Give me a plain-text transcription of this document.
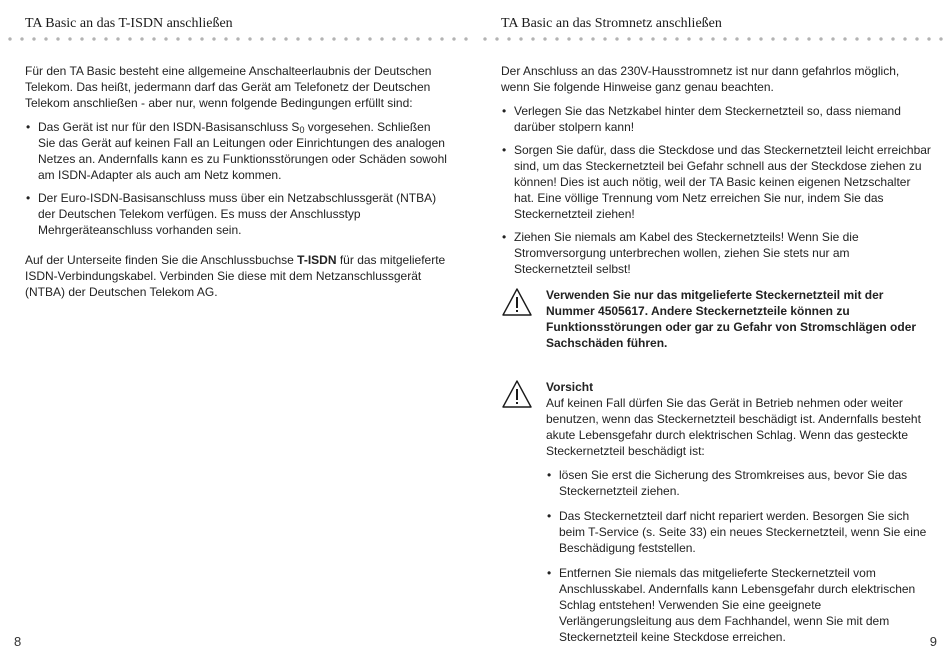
TA Basic an das T-ISDN anschließen

Für den TA Basic besteht eine allgemeine Anschalteerlaubnis der Deutschen Telekom. Das heißt, jedermann darf das Gerät am Telefonetz der Deutschen Telekom anschließen - aber nur, wenn folgende Bedingungen erfüllt sind:

• Das Gerät ist nur für den ISDN-Basisanschluss $S_0$ vorgesehen. Schließen Sie das Gerät auf keinen Fall an Leitungen oder Einrichtungen des analogen Netzes an. Andernfalls kann es zu Funktionsstörungen oder Schäden sowohl am ISDN-Adapter als auch am Netz kommen.
• Der Euro-ISDN-Basisanschluss muss über ein Netzabschlussgerät (NTBA) der Deutschen Telekom verfügen. Es muss der Anschlusstyp Mehrgeräteanschluss vorhanden sein.

Auf der Unterseite finden Sie die Anschlussbuchse T-ISDN für das mitgelieferte ISDN-Verbindungskabel. Verbinden Sie diese mit dem Netzanschlussgerät (NTBA) der Deutschen Telekom AG.

8
TA Basic an das Stromnetz anschließen

Der Anschluss an das 230V-Hausstromnetz ist nur dann gefahrlos möglich, wenn Sie folgende Hinweise ganz genau beachten.

• Verlegen Sie das Netzkabel hinter dem Steckernetzteil so, dass niemand darüber stolpern kann!
• Sorgen Sie dafür, dass die Steckdose und das Steckernetzteil leicht erreichbar sind, um das Steckernetzteil bei Gefahr schnell aus der Steckdose ziehen zu können! Dies ist auch nötig, weil der TA Basic keinen eigenen Netzschalter hat. Eine völlige Trennung vom Netz erreichen Sie nur, indem Sie das Steckernetzteil ziehen!
• Ziehen Sie niemals am Kabel des Steckernetzteils! Wenn Sie die Stromversorgung unterbrechen wollen, ziehen Sie stets nur am Steckernetzteil selbst!

Verwenden Sie nur das mitgelieferte Steckernetzteil mit der Nummer 4505617. Andere Steckernetzteile können zu Funktionsstörungen oder gar zu Gefahr von Stromschlägen oder Sachschäden führen.

Vorsicht

Auf keinen Fall dürfen Sie das Gerät in Betrieb nehmen oder weiter benutzen, wenn das Steckernetzteil beschädigt ist. Andernfalls besteht akute Lebensgefahr durch elektrischen Schlag. Wenn das gesteckte Steckernetzteil beschädigt ist:

• lösen Sie erst die Sicherung des Stromkreises aus, bevor Sie das Steckernetzteil ziehen.
• Das Steckernetzteil darf nicht repariert werden. Besorgen Sie sich beim T-Service (s. Seite 33) ein neues Steckernetzteil, wenn Sie eine Beschädigung feststellen.
• Entfernen Sie niemals das mitgelieferte Steckernetzteil vom Anschlusskabel. Andernfalls kann Lebensgefahr durch elektrischen Schlag entstehen! Verwenden Sie eine geeignete Verlängerungsleitung aus dem Fachhandel, wenn Sie mit dem Steckernetzteil keine Steckdose erreichen.	9
